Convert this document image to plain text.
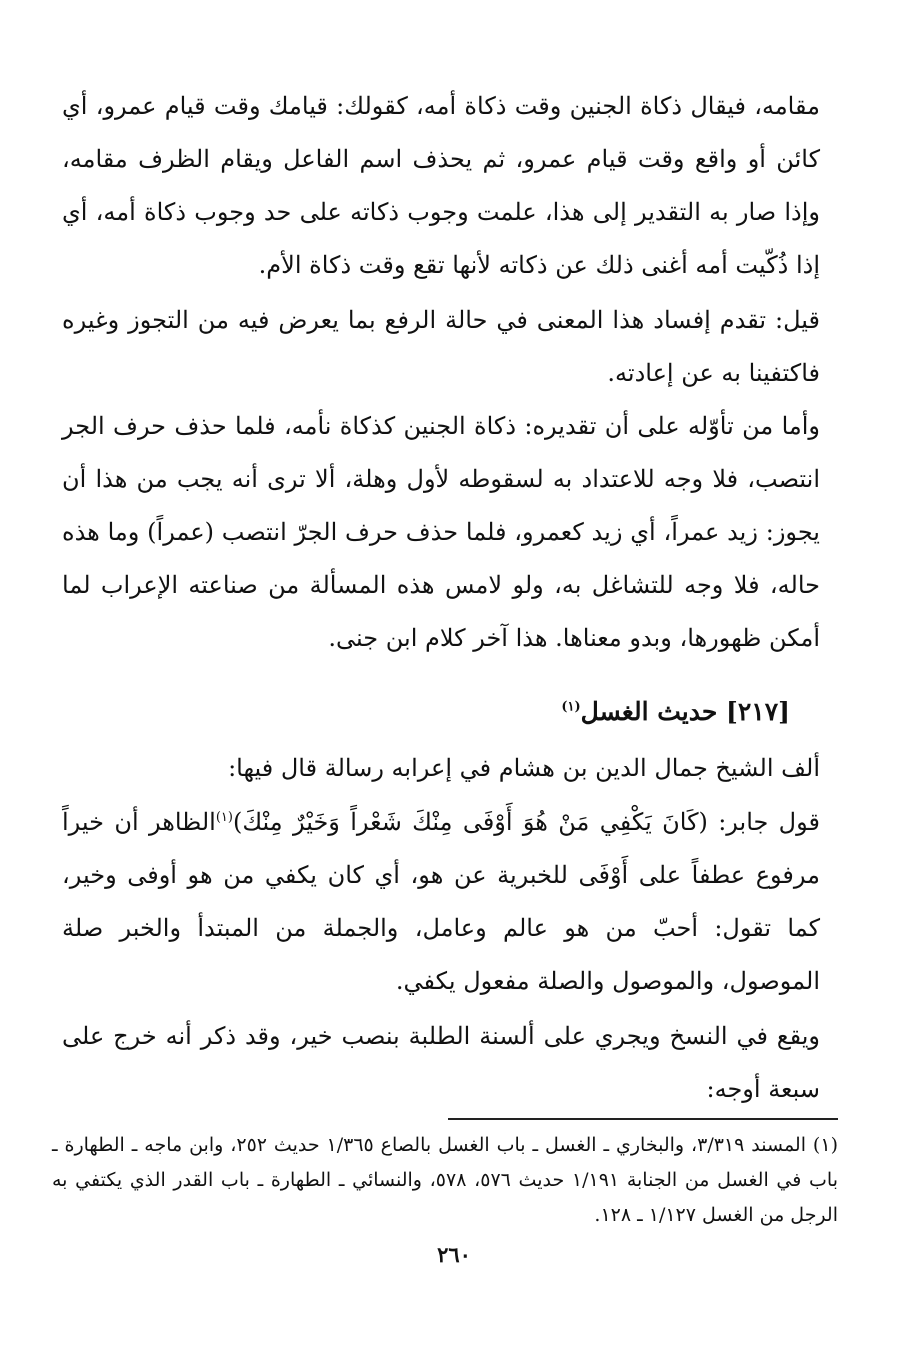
مقامه، فيقال ذكاة الجنين وقت ذكاة أمه، كقولك: قيامك وقت قيام عمرو، أي كائن أو واقع وقت قيام عمرو، ثم يحذف اسم الفاعل ويقام الظرف مقامه، وإذا صار به التقدير إلى هذا، علمت وجوب ذكاته على حد وجوب ذكاة أمه، أي إذا ذُكّيت أمه أغنى ذلك عن ذكاته لأنها تقع وقت ذكاة الأم.

قيل: تقدم إفساد هذا المعنى في حالة الرفع بما يعرض فيه من التجوز وغيره فاكتفينا به عن إعادته.

وأما من تأوّله على أن تقديره: ذكاة الجنين كذكاة نأمه، فلما حذف حرف الجر انتصب، فلا وجه للاعتداد به لسقوطه لأول وهلة، ألا ترى أنه يجب من هذا أن يجوز: زيد عمراً، أي زيد كعمرو، فلما حذف حرف الجرّ انتصب (عمراً) وما هذه حاله، فلا وجه للتشاغل به، ولو لامس هذه المسألة من صناعته الإعراب لما أمكن ظهورها، وبدو معناها. هذا آخر كلام ابن جنى.

[٢١٧] حديث الغسل$^{(١)}$

ألف الشيخ جمال الدين بن هشام في إعرابه رسالة قال فيها:

قول جابر: (كَانَ يَكْفِي مَنْ هُوَ أَوْفَى مِنْكَ شَعْراً وَخَيْرٌ مِنْكَ)$^{(١)}$الظاهر أن خيراً مرفوع عطفاً على أَوْفَى للخبرية عن هو، أي كان يكفي من هو أوفى وخير، كما تقول: أحبّ من هو عالم وعامل، والجملة من المبتدأ والخبر صلة الموصول، والموصول والصلة مفعول يكفي.

ويقع في النسخ ويجري على ألسنة الطلبة بنصب خير، وقد ذكر أنه خرج على سبعة أوجه:

(١) المسند ٣/٣١٩، والبخاري ـ الغسل ـ باب الغسل بالصاع ١/٣٦٥ حديث ٢٥٢، وابن ماجه ـ الطهارة ـ باب في الغسل من الجنابة ١/١٩١ حديث ٥٧٦، ٥٧٨، والنسائي ـ الطهارة ـ باب القدر الذي يكتفي به الرجل من الغسل ١/١٢٧ ـ ١٢٨.

٢٦٠
